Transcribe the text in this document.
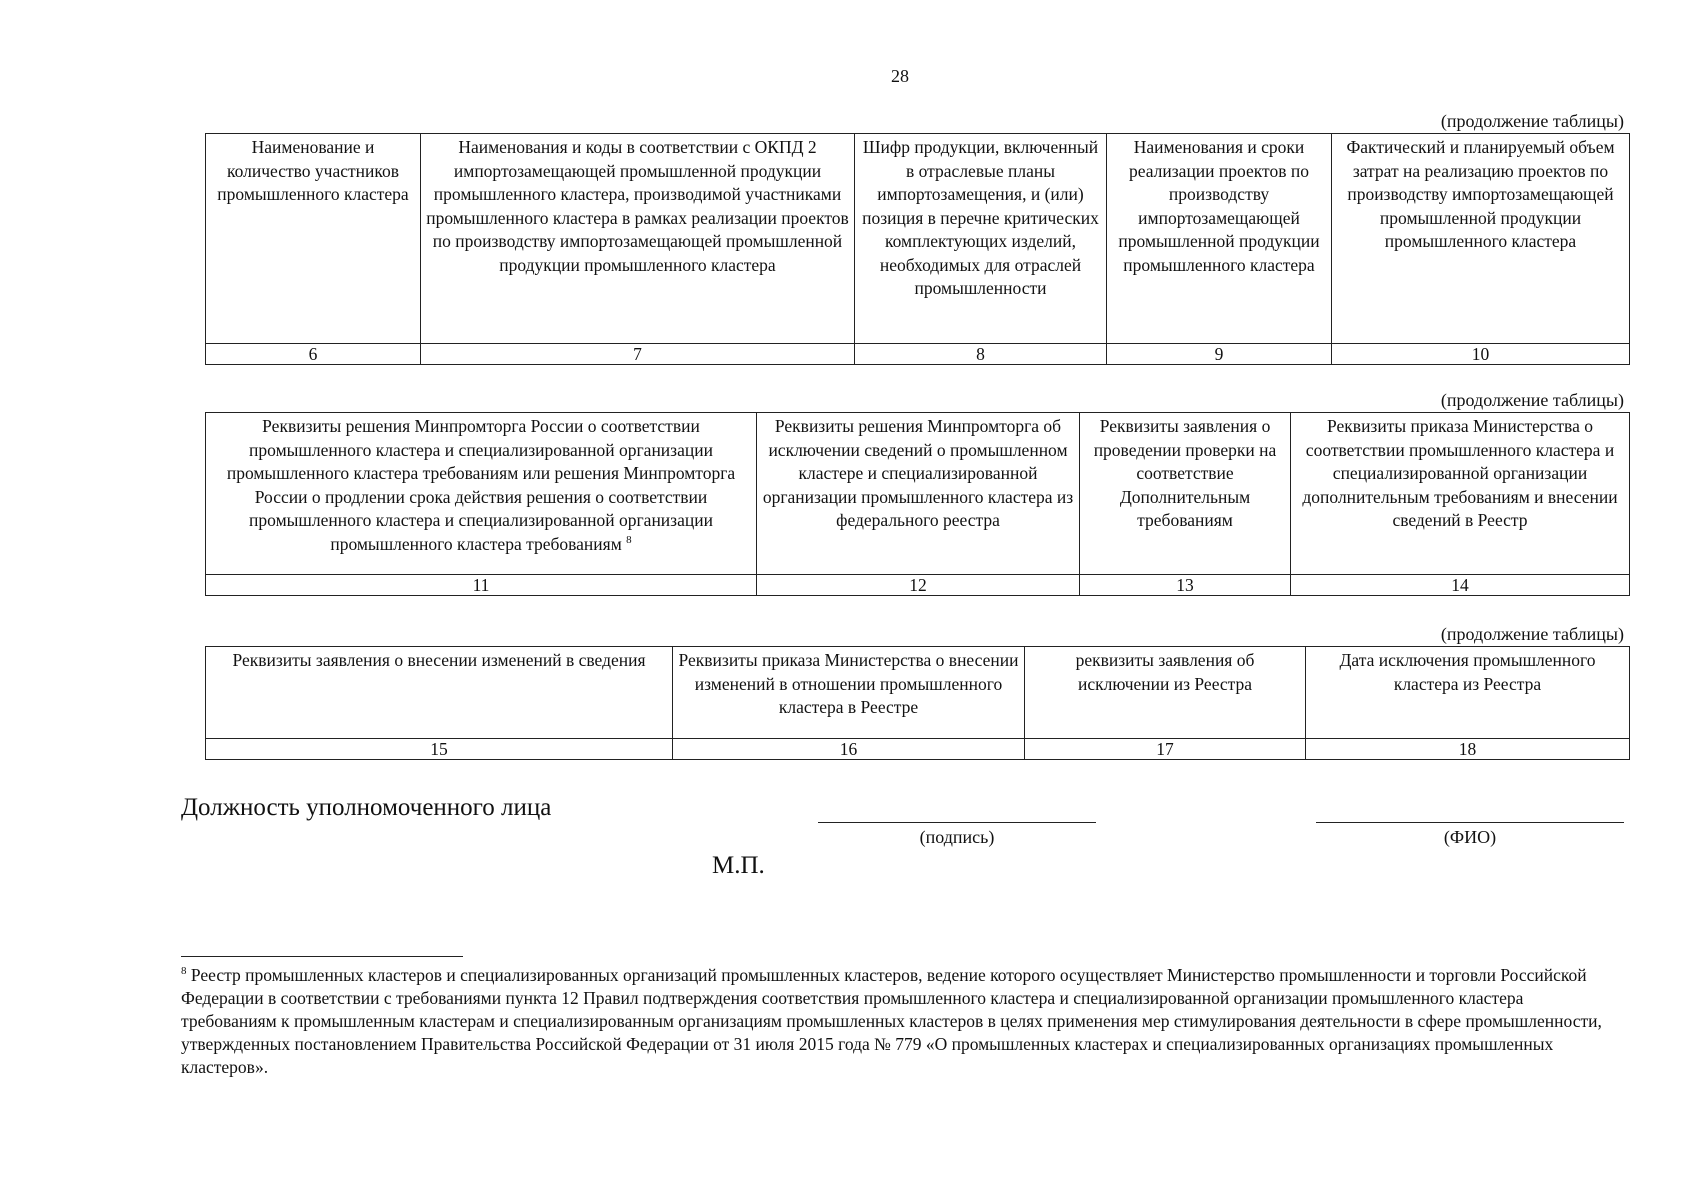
28
(продолжение таблицы)
Наименование и количество участников промышленного кластера	Наименования и коды в соответствии с ОКПД 2 импортозамещающей промышленной продукции промышленного кластера, производимой участниками промышленного кластера в рамках реализации проектов по производству импортозамещающей промышленной продукции промышленного кластера	Шифр продукции, включенный в отраслевые планы импортозамещения, и (или) позиция в перечне критических комплектующих изделий, необходимых для отраслей промышленности	Наименования и сроки реализации проектов по производству импортозамещающей промышленной продукции промышленного кластера	Фактический и планируемый объем затрат на реализацию проектов по производству импортозамещающей промышленной продукции промышленного кластера
6	7	8	9	10
(продолжение таблицы)
Реквизиты решения Минпромторга России о соответствии промышленного кластера и специализированной организации промышленного кластера требованиям или решения Минпромторга России о продлении срока действия решения о соответствии промышленного кластера и специализированной организации промышленного кластера требованиям $^8$	Реквизиты решения Минпромторга об исключении сведений о промышленном кластере и специализированной организации промышленного кластера из федерального реестра	Реквизиты заявления о проведении проверки на соответствие Дополнительным требованиям	Реквизиты приказа Министерства о соответствии промышленного кластера и специализированной организации дополнительным требованиям и внесении сведений в Реестр
11	12	13	14
(продолжение таблицы)
Реквизиты заявления о внесении изменений в сведения	Реквизиты приказа Министерства о внесении изменений в отношении промышленного кластера в Реестре	реквизиты заявления об исключении из Реестра	Дата исключения промышленного кластера из Реестра
15	16	17	18
Должность уполномоченного лица
(подпись)	(ФИО)
М.П.
$^8$ Реестр промышленных кластеров и специализированных организаций промышленных кластеров, ведение которого осуществляет Министерство промышленности и торговли Российской Федерации в соответствии с требованиями пункта 12 Правил подтверждения соответствия промышленного кластера и специализированной организации промышленного кластера требованиям к промышленным кластерам и специализированным организациям промышленных кластеров в целях применения мер стимулирования деятельности в сфере промышленности, утвержденных постановлением Правительства Российской Федерации от 31 июля 2015 года № 779 «О промышленных кластерах и специализированных организациях промышленных кластеров».
